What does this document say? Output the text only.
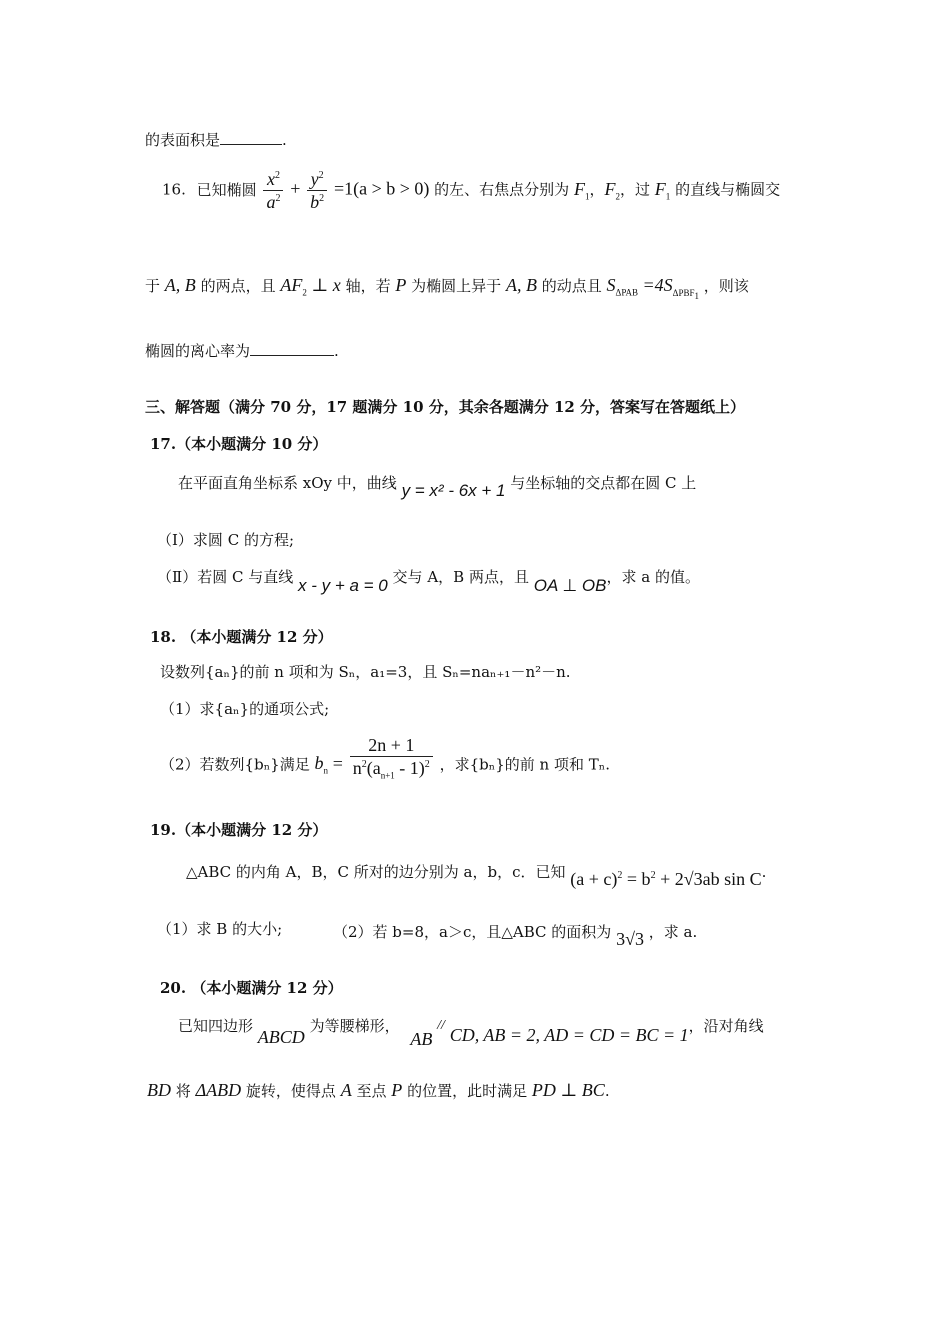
的表面积是	.
16. 已知椭圆 $\frac{x^2}{a^2} + \frac{y^2}{b^2} =1(a > b > 0)$ 的左、右焦点分别为 $F_1$，$F_2$，过 $F_1$ 的直线与椭圆交
于 A, B 的两点，且 $AF_2$ ⊥ x 轴，若 P 为椭圆上异于 A, B 的动点且 $S_{\Delta PAB} =4S_{\Delta PBF_1}$ ，则该
椭圆的离心率为	.
三、解答题（满分 70 分，17 题满分 10 分，其余各题满分 12 分，答案写在答题纸上）
17.（本小题满分 10 分）
在平面直角坐标系 xOy 中，曲线 y = x² - 6x + 1 与坐标轴的交点都在圆 C 上
（Ⅰ）求圆 C 的方程;
（Ⅱ）若圆 C 与直线 x - y + a = 0 交与 A，B 两点，且 OA ⊥ OB，求 a 的值。
18. （本小题满分 12 分）
设数列{aₙ}的前 n 项和为 Sₙ，a₁=3，且 Sₙ=naₙ₊₁－n²－n.
（1）求{aₙ}的通项公式;
（2）若数列{bₙ}满足 $b_n = \frac{2n + 1}{n^2(a_{n+1} - 1)^2}$ ，求{bₙ}的前 n 项和 Tₙ.
19.（本小题满分 12 分）
△ABC 的内角 A，B，C 所对的边分别为 a，b，c．已知 $(a + c)^2 = b^2 + 2√3ab$ sin C.
（1）求 B 的大小;	（2）若 b=8，a＞c，且△ABC 的面积为 3√3 ，求 a.
20. （本小题满分 12 分）
已知四边形 ABCD 为等腰梯形， AB // CD, AB = 2, AD = CD = BC = 1，沿对角线
BD 将 ΔABD 旋转，使得点 A 至点 P 的位置，此时满足 PD ⊥ BC.
